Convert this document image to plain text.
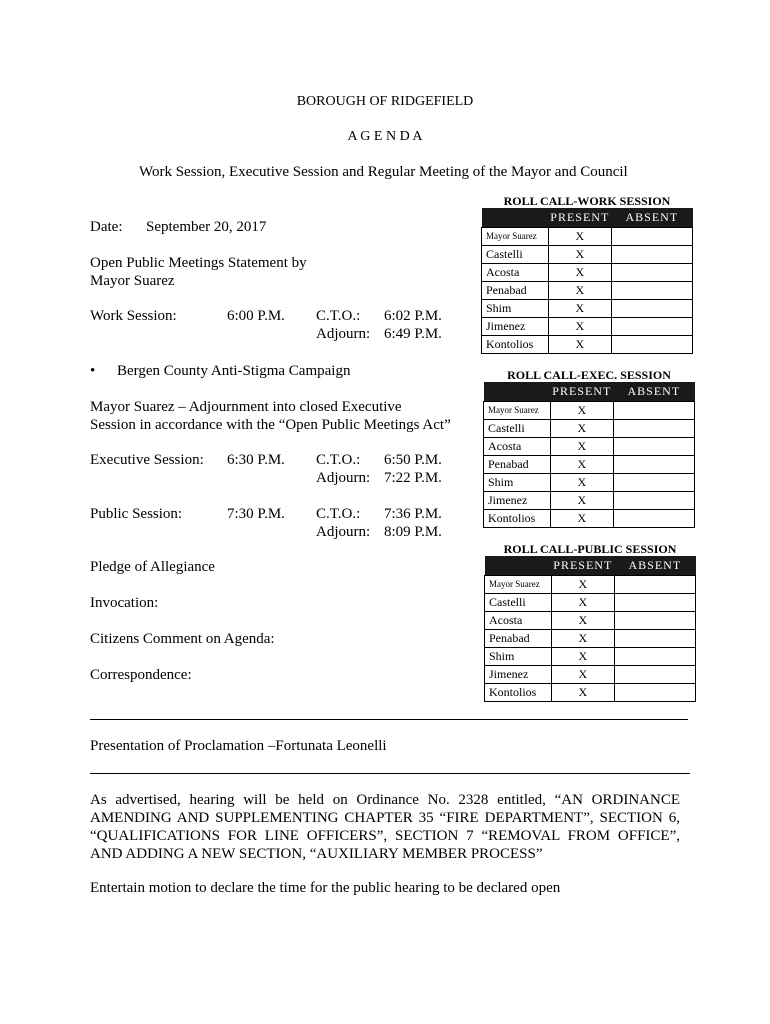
BOROUGH OF RIDGEFIELD
A G E N D A
Work Session, Executive Session and Regular Meeting of the Mayor and Council
Date: September 20, 2017
Open Public Meetings Statement by
Mayor Suarez
Work Session:	6:00 P.M. C.T.O.: 6:02 P.M.
Adjourn: 6:49 P.M.
• Bergen County Anti-Stigma Campaign
Mayor Suarez – Adjournment into closed Executive
Session in accordance with the “Open Public Meetings Act”
Executive Session: 6:30 P.M. C.T.O.: 6:50 P.M.
Adjourn: 7:22 P.M.
Public Session:	7:30 P.M. C.T.O.: 7:36 P.M.
Adjourn: 8:09 P.M.
Pledge of Allegiance
Invocation:
Citizens Comment on Agenda:
Correspondence:
ROLL CALL-WORK SESSION
	PRESENT	ABSENT
Mayor Suarez	X	
Castelli	X	
Acosta	X	
Penabad	X	
Shim	X	
Jimenez	X	
Kontolios	X	
ROLL CALL-EXEC. SESSION
	PRESENT	ABSENT
Mayor Suarez	X	
Castelli	X	
Acosta	X	
Penabad	X	
Shim	X	
Jimenez	X	
Kontolios	X	
ROLL CALL-PUBLIC SESSION
	PRESENT	ABSENT
Mayor Suarez	X	
Castelli	X	
Acosta	X	
Penabad	X	
Shim	X	
Jimenez	X	
Kontolios	X	
Presentation of Proclamation –Fortunata Leonelli
As advertised, hearing will be held on Ordinance No. 2328 entitled, “AN ORDINANCE AMENDING AND SUPPLEMENTING CHAPTER 35 “FIRE DEPARTMENT”, SECTION 6, “QUALIFICATIONS FOR LINE OFFICERS”, SECTION 7 “REMOVAL FROM OFFICE”, AND ADDING A NEW SECTION, “AUXILIARY MEMBER PROCESS”
Entertain motion to declare the time for the public hearing to be declared open
